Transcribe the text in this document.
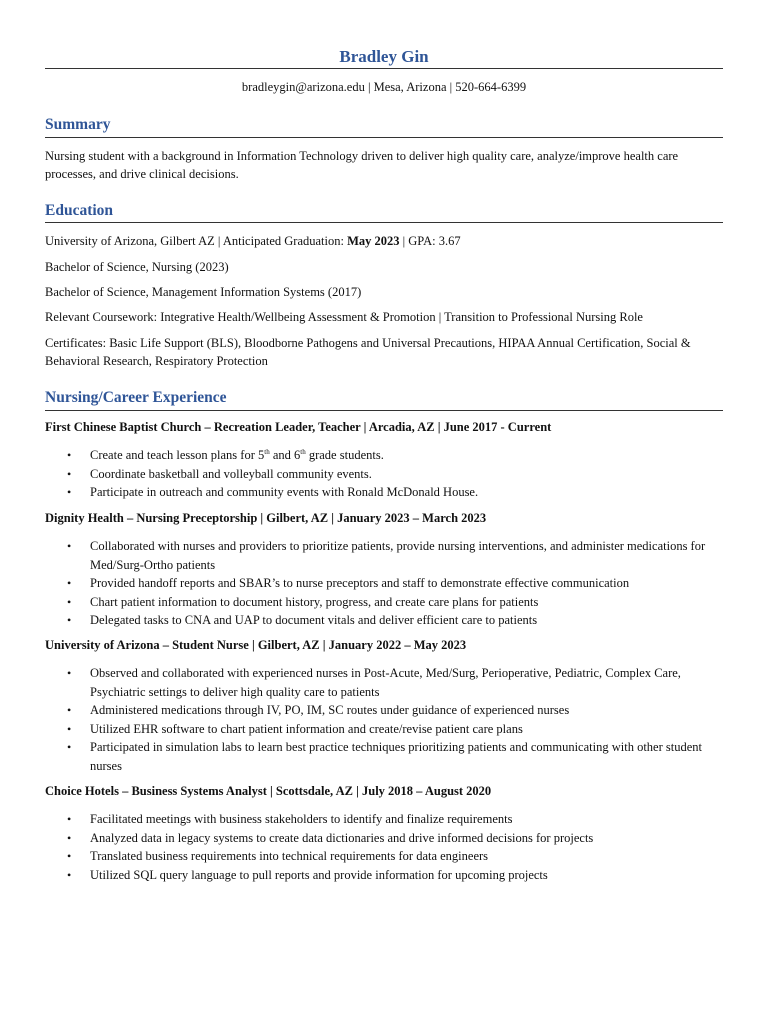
Bradley Gin
bradleygin@arizona.edu | Mesa, Arizona | 520-664-6399
Summary
Nursing student with a background in Information Technology driven to deliver high quality care, analyze/improve health care processes, and drive clinical decisions.
Education
University of Arizona, Gilbert AZ | Anticipated Graduation: May 2023 | GPA: 3.67
Bachelor of Science, Nursing (2023)
Bachelor of Science, Management Information Systems (2017)
Relevant Coursework: Integrative Health/Wellbeing Assessment & Promotion | Transition to Professional Nursing Role
Certificates: Basic Life Support (BLS), Bloodborne Pathogens and Universal Precautions, HIPAA Annual Certification, Social & Behavioral Research, Respiratory Protection
Nursing/Career Experience
First Chinese Baptist Church – Recreation Leader, Teacher | Arcadia, AZ | June 2017 - Current
• Create and teach lesson plans for 5th and 6th grade students.
• Coordinate basketball and volleyball community events.
• Participate in outreach and community events with Ronald McDonald House.
Dignity Health – Nursing Preceptorship | Gilbert, AZ | January 2023 – March 2023
• Collaborated with nurses and providers to prioritize patients, provide nursing interventions, and administer medications for Med/Surg-Ortho patients
• Provided handoff reports and SBAR’s to nurse preceptors and staff to demonstrate effective communication
• Chart patient information to document history, progress, and create care plans for patients
• Delegated tasks to CNA and UAP to document vitals and deliver efficient care to patients
University of Arizona – Student Nurse | Gilbert, AZ | January 2022 – May 2023
• Observed and collaborated with experienced nurses in Post-Acute, Med/Surg, Perioperative, Pediatric, Complex Care, Psychiatric settings to deliver high quality care to patients
• Administered medications through IV, PO, IM, SC routes under guidance of experienced nurses
• Utilized EHR software to chart patient information and create/revise patient care plans
• Participated in simulation labs to learn best practice techniques prioritizing patients and communicating with other student nurses
Choice Hotels – Business Systems Analyst | Scottsdale, AZ | July 2018 – August 2020
• Facilitated meetings with business stakeholders to identify and finalize requirements
• Analyzed data in legacy systems to create data dictionaries and drive informed decisions for projects
• Translated business requirements into technical requirements for data engineers
• Utilized SQL query language to pull reports and provide information for upcoming projects
